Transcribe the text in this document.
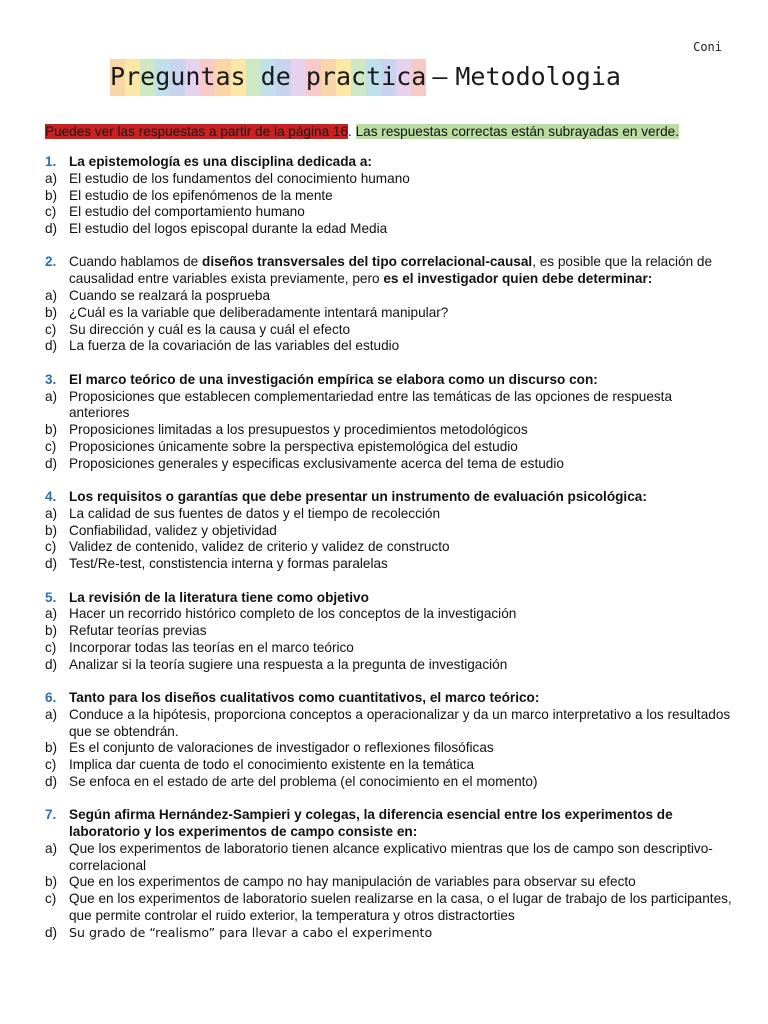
Coni
Preguntas de practica – Metodologia
Puedes ver las respuestas a partir de la página 16. Las respuestas correctas están subrayadas en verde.
1. La epistemología es una disciplina dedicada a:
a) El estudio de los fundamentos del conocimiento humano
b) El estudio de los epifenómenos de la mente
c) El estudio del comportamiento humano
d) El estudio del logos episcopal durante la edad Media
2. Cuando hablamos de diseños transversales del tipo correlacional-causal, es posible que la relación de causalidad entre variables exista previamente, pero es el investigador quien debe determinar:
a) Cuando se realzará la posprueba
b) ¿Cuál es la variable que deliberadamente intentará manipular?
c) Su dirección y cuál es la causa y cuál el efecto
d) La fuerza de la covariación de las variables del estudio
3. El marco teórico de una investigación empírica se elabora como un discurso con:
a) Proposiciones que establecen complementariedad entre las temáticas de las opciones de respuesta anteriores
b) Proposiciones limitadas a los presupuestos y procedimientos metodológicos
c) Proposiciones únicamente sobre la perspectiva epistemológica del estudio
d) Proposiciones generales y especificas exclusivamente acerca del tema de estudio
4. Los requisitos o garantías que debe presentar un instrumento de evaluación psicológica:
a) La calidad de sus fuentes de datos y el tiempo de recolección
b) Confiabilidad, validez y objetividad
c) Validez de contenido, validez de criterio y validez de constructo
d) Test/Re-test, constistencia interna y formas paralelas
5. La revisión de la literatura tiene como objetivo
a) Hacer un recorrido histórico completo de los conceptos de la investigación
b) Refutar teorías previas
c) Incorporar todas las teorías en el marco teórico
d) Analizar si la teoría sugiere una respuesta a la pregunta de investigación
6. Tanto para los diseños cualitativos como cuantitativos, el marco teórico:
a) Conduce a la hipótesis, proporciona conceptos a operacionalizar y da un marco interpretativo a los resultados que se obtendrán.
b) Es el conjunto de valoraciones de investigador o reflexiones filosóficas
c) Implica dar cuenta de todo el conocimiento existente en la temática
d) Se enfoca en el estado de arte del problema (el conocimiento en el momento)
7. Según afirma Hernández-Sampieri y colegas, la diferencia esencial entre los experimentos de laboratorio y los experimentos de campo consiste en:
a) Que los experimentos de laboratorio tienen alcance explicativo mientras que los de campo son descriptivo-correlacional
b) Que en los experimentos de campo no hay manipulación de variables para observar su efecto
c) Que en los experimentos de laboratorio suelen realizarse en la casa, o el lugar de trabajo de los participantes, que permite controlar el ruido exterior, la temperatura y otros distractorties
d) Su grado de “realismo” para llevar a cabo el experimento
